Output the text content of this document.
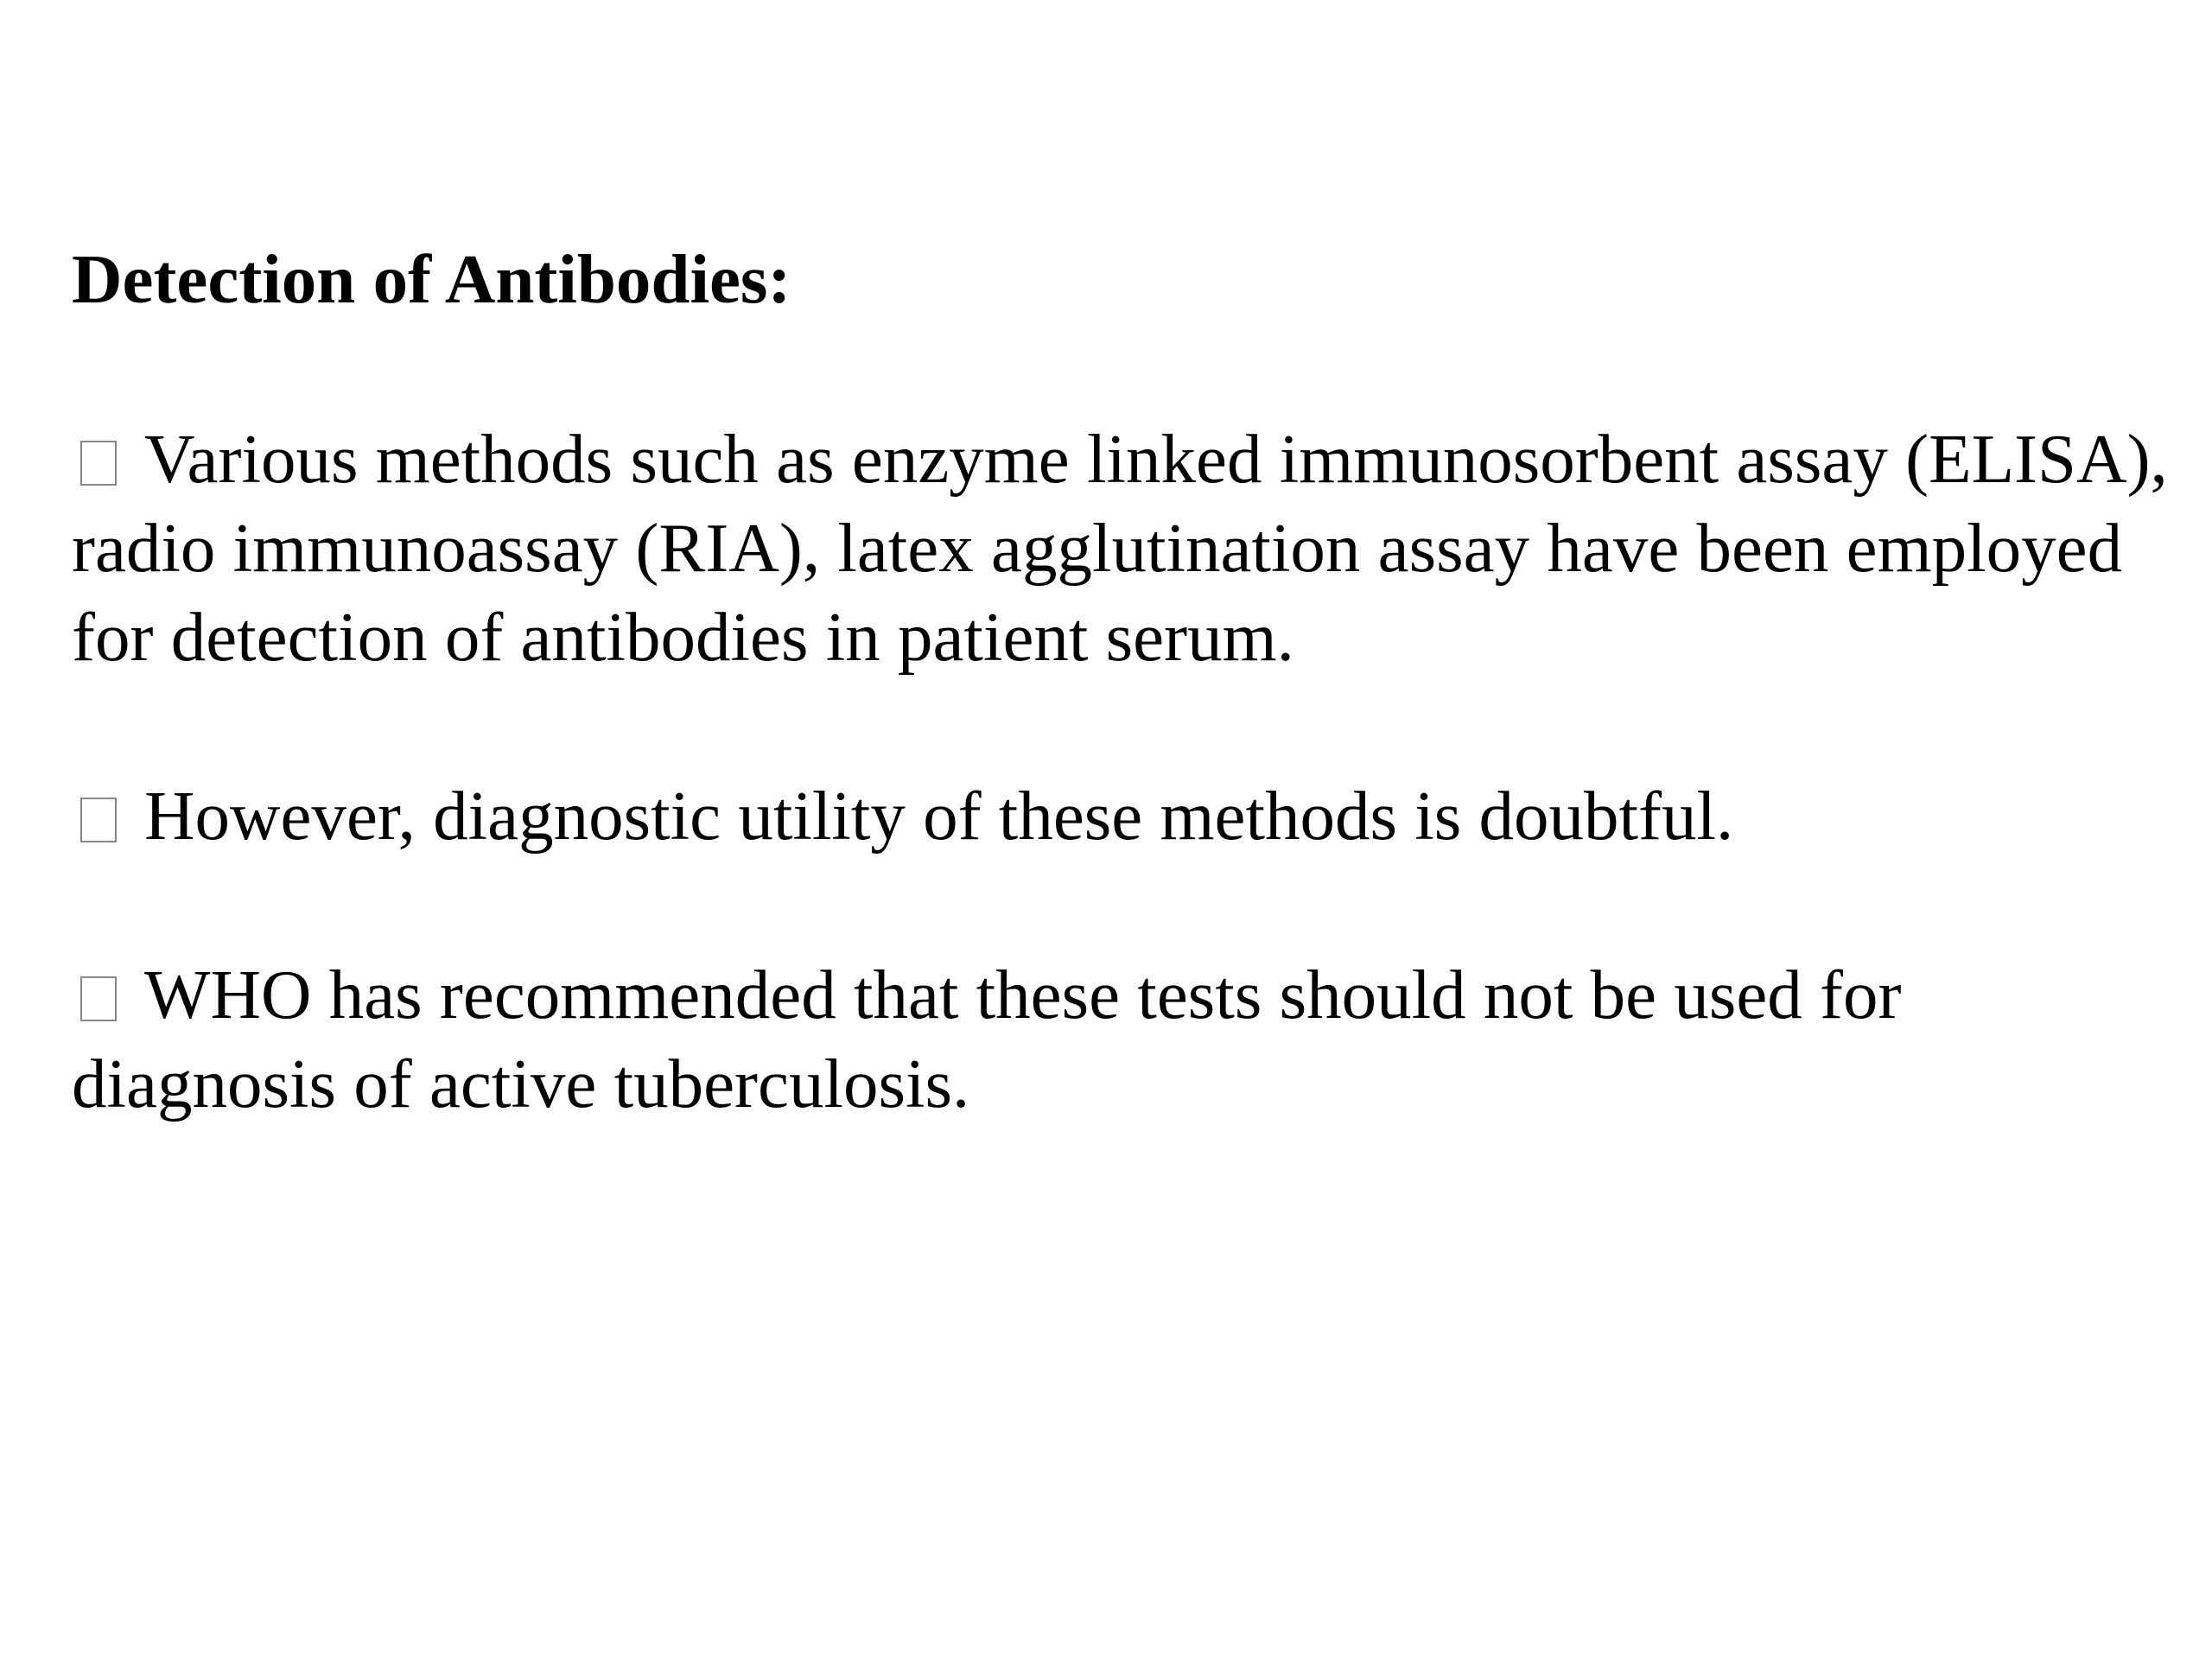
Detection of Antibodies:

Various methods such as enzyme linked immunosorbent assay (ELISA), radio immunoassay (RIA), latex agglutination assay have been employed for detection of antibodies in patient serum.

However, diagnostic utility of these methods is doubtful.

WHO has recommended that these tests should not be used for diagnosis of active tuberculosis.
